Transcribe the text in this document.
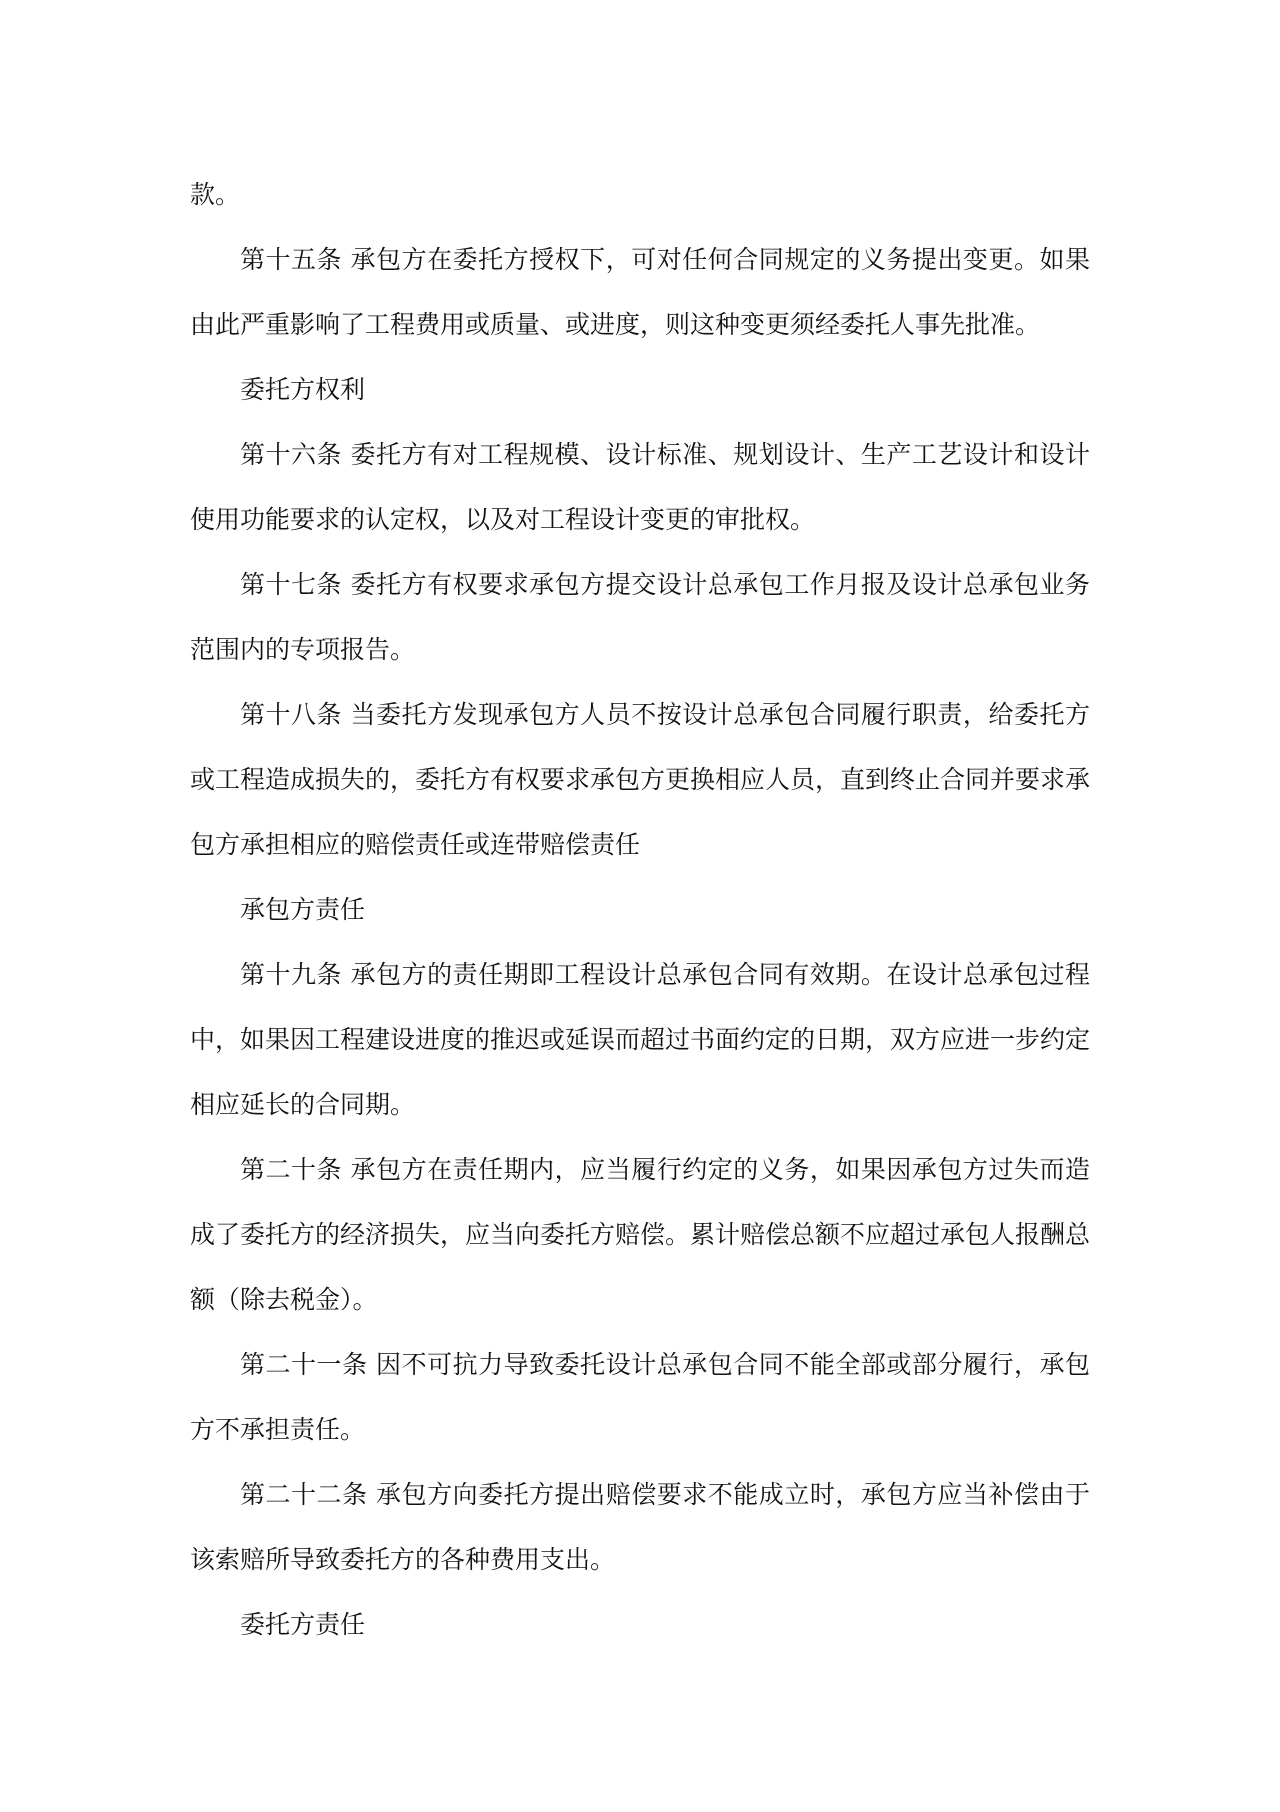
款。

第十五条 承包方在委托方授权下，可对任何合同规定的义务提出变更。如果由此严重影响了工程费用或质量、或进度，则这种变更须经委托人事先批准。

委托方权利

第十六条 委托方有对工程规模、设计标准、规划设计、生产工艺设计和设计使用功能要求的认定权，以及对工程设计变更的审批权。

第十七条 委托方有权要求承包方提交设计总承包工作月报及设计总承包业务范围内的专项报告。

第十八条 当委托方发现承包方人员不按设计总承包合同履行职责，给委托方或工程造成损失的，委托方有权要求承包方更换相应人员，直到终止合同并要求承包方承担相应的赔偿责任或连带赔偿责任

承包方责任

第十九条 承包方的责任期即工程设计总承包合同有效期。在设计总承包过程中，如果因工程建设进度的推迟或延误而超过书面约定的日期，双方应进一步约定相应延长的合同期。

第二十条 承包方在责任期内，应当履行约定的义务，如果因承包方过失而造成了委托方的经济损失，应当向委托方赔偿。累计赔偿总额不应超过承包人报酬总额（除去税金）。

第二十一条 因不可抗力导致委托设计总承包合同不能全部或部分履行，承包方不承担责任。

第二十二条 承包方向委托方提出赔偿要求不能成立时，承包方应当补偿由于该索赔所导致委托方的各种费用支出。

委托方责任
